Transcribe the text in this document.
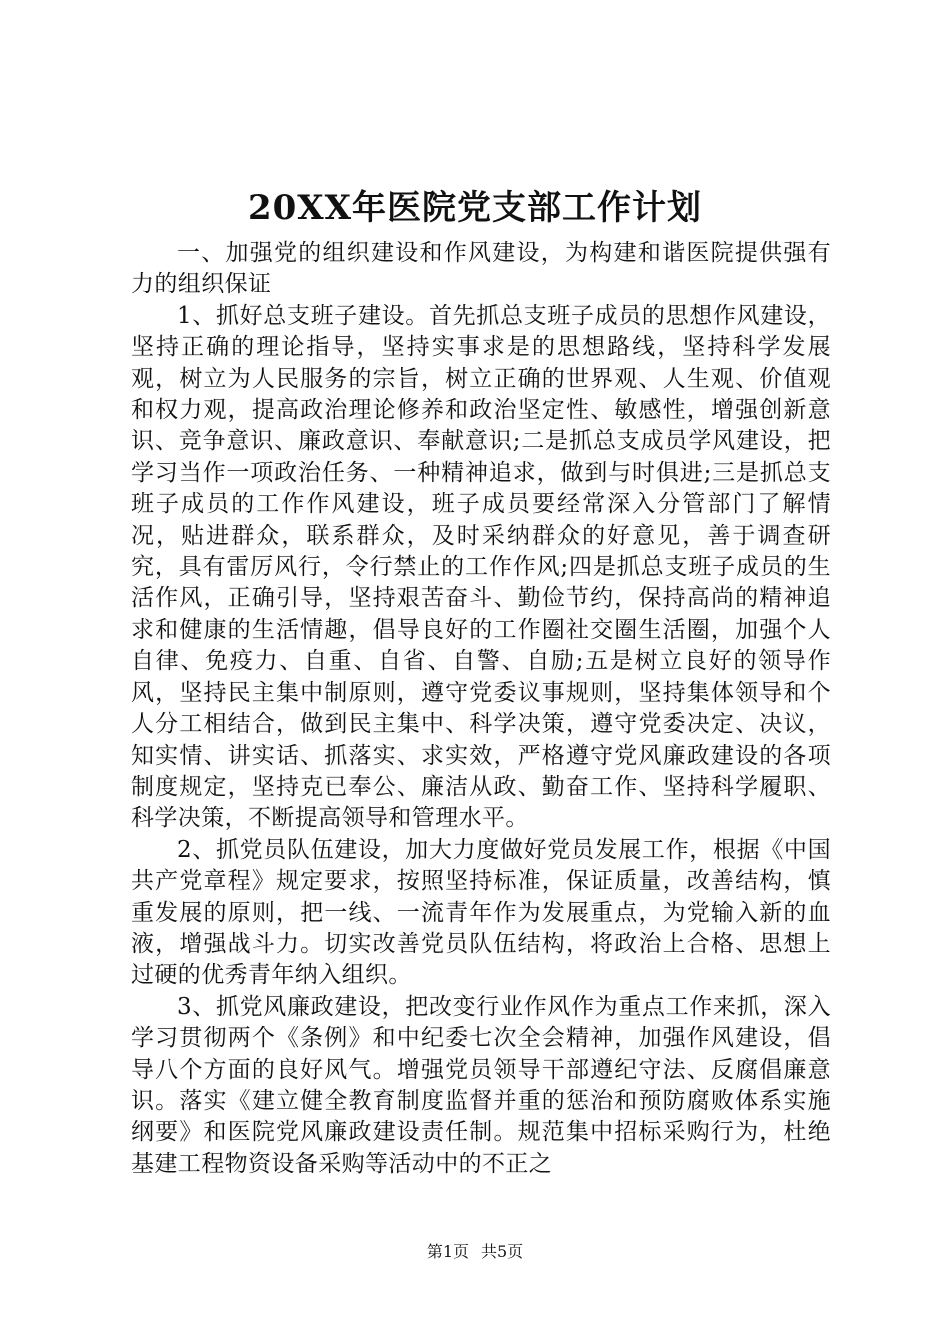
20XX年医院党支部工作计划

一、加强党的组织建设和作风建设，为构建和谐医院提供强有力的组织保证

1、抓好总支班子建设。首先抓总支班子成员的思想作风建设，坚持正确的理论指导，坚持实事求是的思想路线，坚持科学发展观，树立为人民服务的宗旨，树立正确的世界观、人生观、价值观和权力观，提高政治理论修养和政治坚定性、敏感性，增强创新意识、竞争意识、廉政意识、奉献意识;二是抓总支成员学风建设，把学习当作一项政治任务、一种精神追求，做到与时俱进;三是抓总支班子成员的工作作风建设，班子成员要经常深入分管部门了解情况，贴进群众，联系群众，及时采纳群众的好意见，善于调查研究，具有雷厉风行，令行禁止的工作作风;四是抓总支班子成员的生活作风，正确引导，坚持艰苦奋斗、勤俭节约，保持高尚的精神追求和健康的生活情趣，倡导良好的工作圈社交圈生活圈，加强个人自律、免疫力、自重、自省、自警、自励;五是树立良好的领导作风，坚持民主集中制原则，遵守党委议事规则，坚持集体领导和个人分工相结合，做到民主集中、科学决策，遵守党委决定、决议，知实情、讲实话、抓落实、求实效，严格遵守党风廉政建设的各项制度规定，坚持克已奉公、廉洁从政、勤奋工作、坚持科学履职、科学决策，不断提高领导和管理水平。

2、抓党员队伍建设，加大力度做好党员发展工作，根据《中国共产党章程》规定要求，按照坚持标准，保证质量，改善结构，慎重发展的原则，把一线、一流青年作为发展重点，为党输入新的血液，增强战斗力。切实改善党员队伍结构，将政治上合格、思想上过硬的优秀青年纳入组织。

3、抓党风廉政建设，把改变行业作风作为重点工作来抓，深入学习贯彻两个《条例》和中纪委七次全会精神，加强作风建设，倡导八个方面的良好风气。增强党员领导干部遵纪守法、反腐倡廉意识。落实《建立健全教育制度监督并重的惩治和预防腐败体系实施纲要》和医院党风廉政建设责任制。规范集中招标采购行为，杜绝基建工程物资设备采购等活动中的不正之

第1页 共5页
